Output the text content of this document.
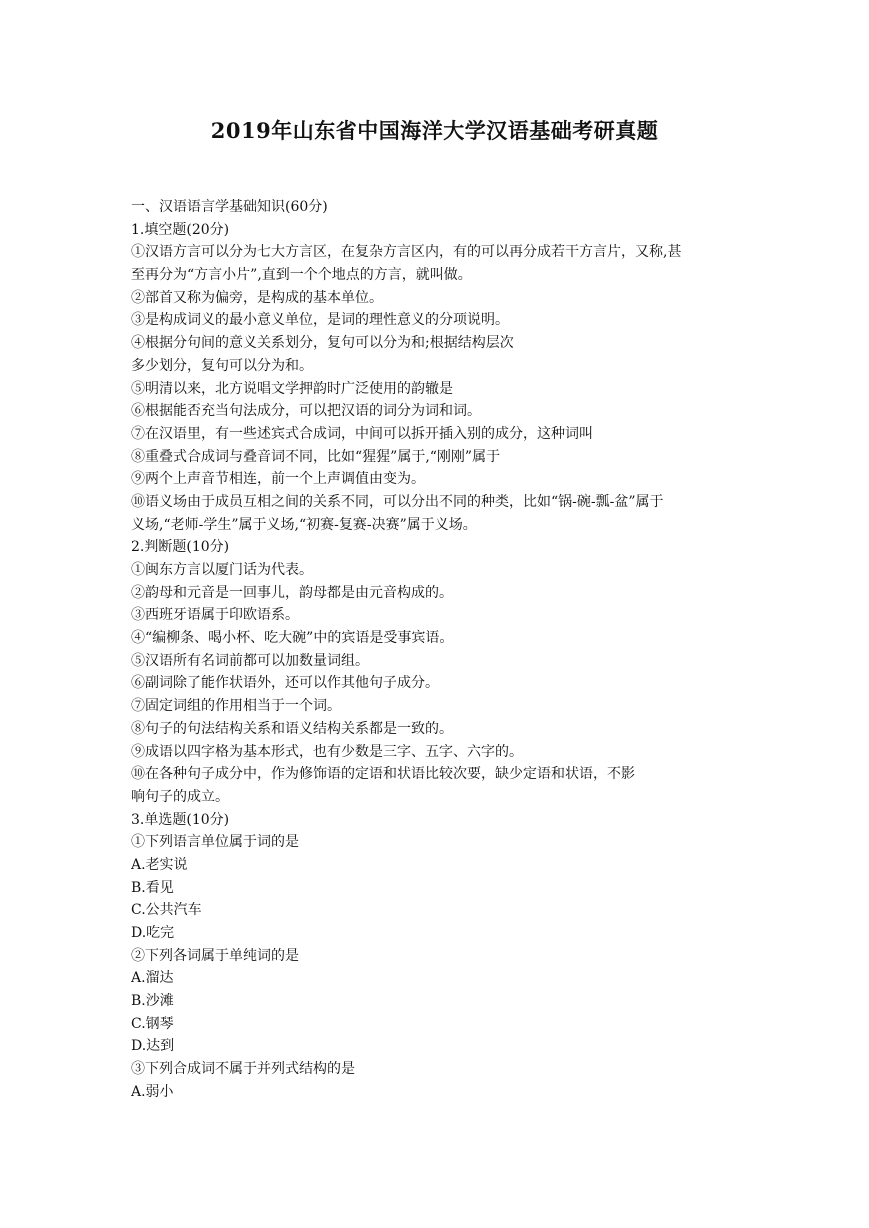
2019年山东省中国海洋大学汉语基础考研真题
一、汉语语言学基础知识(60分)
1.填空题(20分)
①汉语方言可以分为七大方言区，在复杂方言区内，有的可以再分成若干方言片，又称,甚
至再分为“方言小片”,直到一个个地点的方言，就叫做。
②部首又称为偏旁，是构成的基本单位。
③是构成词义的最小意义单位，是词的理性意义的分项说明。
④根据分句间的意义关系划分，复句可以分为和;根据结构层次
多少划分，复句可以分为和。
⑤明清以来，北方说唱文学押韵时广泛使用的韵辙是
⑥根据能否充当句法成分，可以把汉语的词分为词和词。
⑦在汉语里，有一些述宾式合成词，中间可以拆开插入别的成分，这种词叫
⑧重叠式合成词与叠音词不同，比如“猩猩”属于,“刚刚”属于
⑨两个上声音节相连，前一个上声调值由变为。
⑩语义场由于成员互相之间的关系不同，可以分出不同的种类，比如“锅-碗-瓢-盆”属于
义场,“老师-学生”属于义场,“初赛-复赛-决赛”属于义场。
2.判断题(10分)
①闽东方言以厦门话为代表。
②韵母和元音是一回事儿，韵母都是由元音构成的。
③西班牙语属于印欧语系。
④“编柳条、喝小杯、吃大碗”中的宾语是受事宾语。
⑤汉语所有名词前都可以加数量词组。
⑥副词除了能作状语外，还可以作其他句子成分。
⑦固定词组的作用相当于一个词。
⑧句子的句法结构关系和语义结构关系都是一致的。
⑨成语以四字格为基本形式，也有少数是三字、五字、六字的。
⑩在各种句子成分中，作为修饰语的定语和状语比较次要，缺少定语和状语，不影
响句子的成立。
3.单选题(10分)
①下列语言单位属于词的是
A.老实说
B.看见
C.公共汽车
D.吃完
②下列各词属于单纯词的是
A.溜达
B.沙滩
C.钢琴
D.达到
③下列合成词不属于并列式结构的是
A.弱小
